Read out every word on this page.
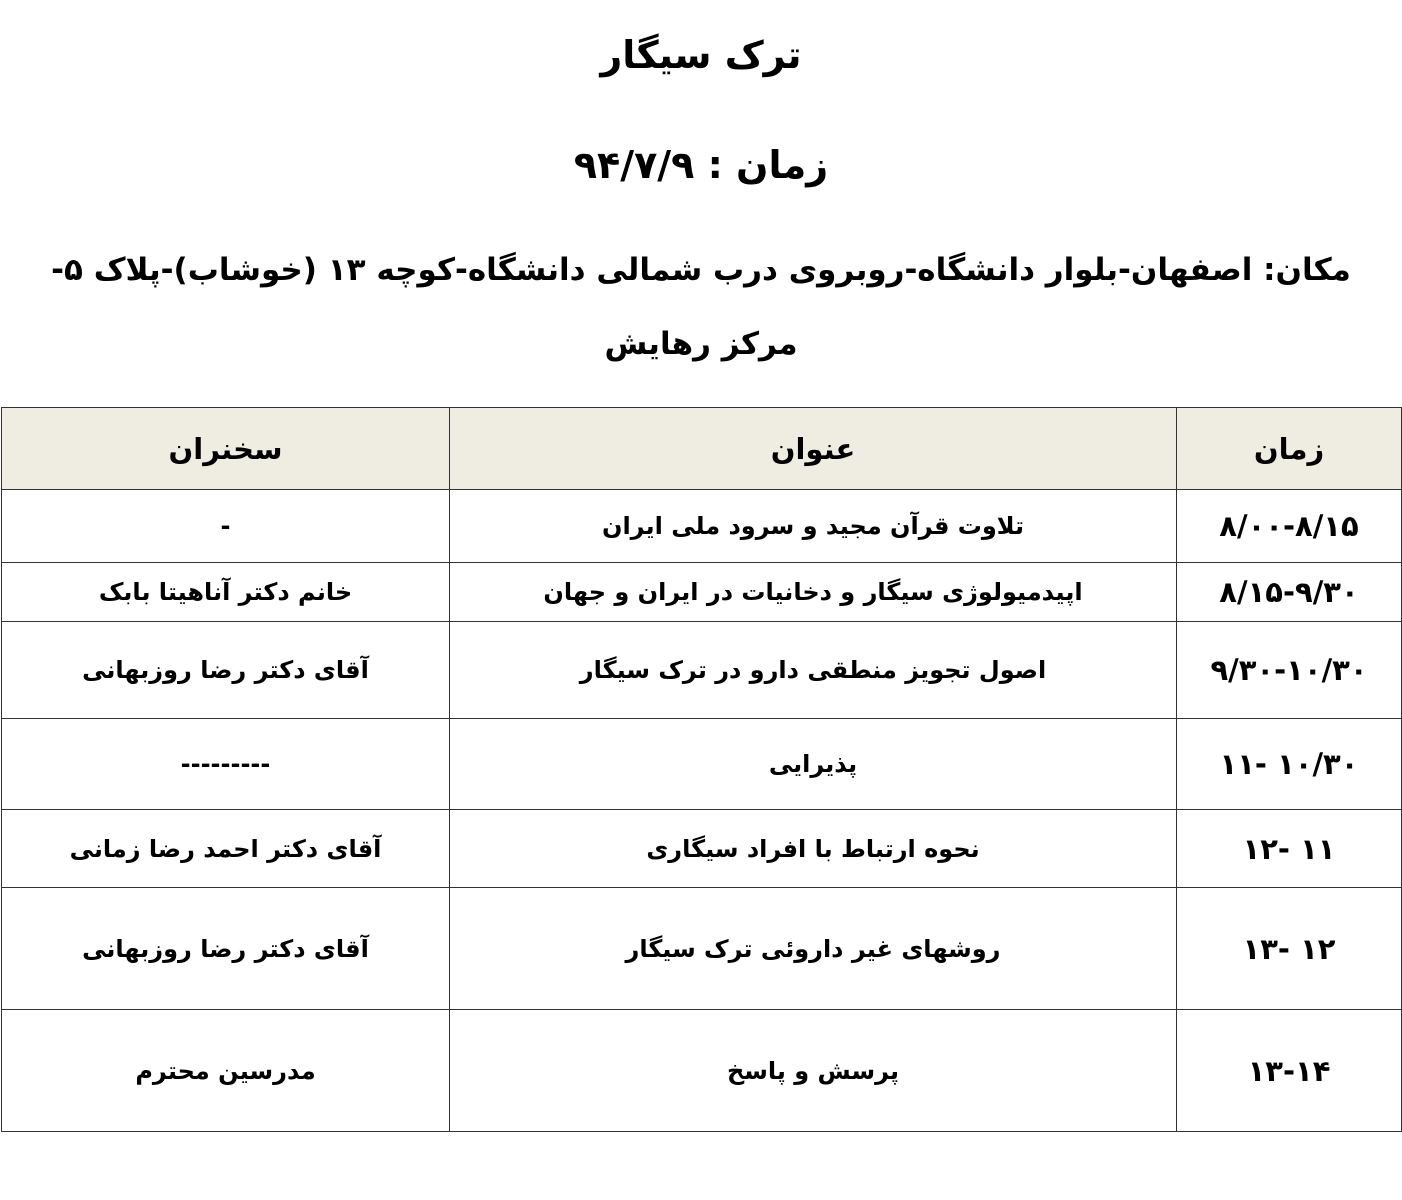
ترک سیگار
زمان : ۹۴/۷/۹
مکان: اصفهان-بلوار دانشگاه-روبروی درب شمالی دانشگاه-کوچه ۱۳ (خوشاب)-پلاک ۵-
مرکز رهایش
زمان	عنوان	سخنران
۸/۰۰-۸/۱۵	تلاوت قرآن مجید و سرود ملی ایران	-
۸/۱۵-۹/۳۰	اپیدمیولوژی سیگار و دخانیات در ایران و جهان	خانم دکتر آناهیتا بابک
۹/۳۰-۱۰/۳۰	اصول تجویز منطقی دارو در ترک سیگار	آقای دکتر رضا روزبهانی
۱۰/۳۰ -۱۱	پذیرایی	---------
۱۱ -۱۲	نحوه ارتباط با افراد سیگاری	آقای دکتر احمد رضا زمانی
۱۲ -۱۳	روشهای غیر داروئی ترک سیگار	آقای دکتر رضا روزبهانی
۱۳-۱۴	پرسش و پاسخ	مدرسین محترم
